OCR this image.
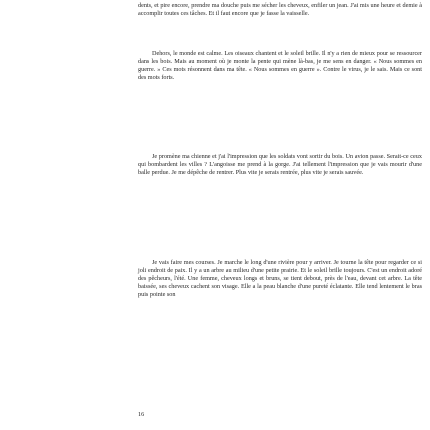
dents, et pire encore, prendre ma douche puis me sécher les cheveux, enfiler un jean. J'ai mis une heure et demie à accomplir toutes ces tâches. Et il faut encore que je fasse la vaisselle.

Dehors, le monde est calme. Les oiseaux chantent et le soleil brille. Il n'y a rien de mieux pour se ressourcer dans les bois. Mais au moment où je monte la pente qui mène là-bas, je me sens en danger. « Nous sommes en guerre. » Ces mots résonnent dans ma tête. « Nous sommes en guerre ». Contre le virus, je le sais. Mais ce sont des mots forts.

Je promène ma chienne et j'ai l'impression que les soldats vont sortir du bois. Un avion passe. Serait-ce ceux qui bombardent les villes ? L'angoisse me prend à la gorge. J'ai tellement l'impression que je vais mourir d'une balle perdue. Je me dépêche de rentrer. Plus vite je serais rentrée, plus vite je serais sauvée.

Je vais faire mes courses. Je marche le long d'une rivière pour y arriver. Je tourne la tête pour regarder ce si joli endroit de paix. Il y a un arbre au milieu d'une petite prairie. Et le soleil brille toujours. C'est un endroit adoré des pêcheurs, l'été. Une femme, cheveux longs et bruns, se tient debout, près de l'eau, devant cet arbre. La tête baissée, ses cheveux cachent son visage. Elle a la peau blanche d'une pureté éclatante. Elle tend lentement le bras puis pointe son

16
